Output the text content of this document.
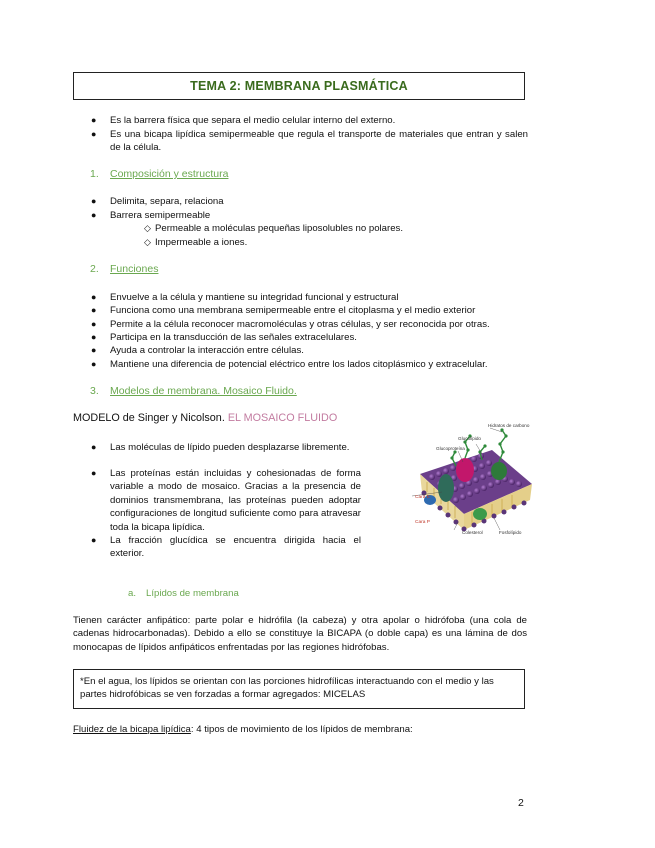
TEMA 2: MEMBRANA PLASMÁTICA
● Es la barrera física que separa el medio celular interno del externo.
● Es una bicapa lipídica semipermeable que regula el transporte de materiales que entran y salen de la célula.
1. Composición y estructura
● Delimita, separa, relaciona
● Barrera semipermeable
◇ Permeable a moléculas pequeñas liposolubles no polares.
◇ Impermeable a iones.
2. Funciones
● Envuelve a la célula y mantiene su integridad funcional y estructural
● Funciona como una membrana semipermeable entre el citoplasma y el medio exterior
● Permite a la célula reconocer macromoléculas y otras células, y ser reconocida por otras.
● Participa en la transducción de las señales extracelulares.
● Ayuda a controlar la interacción entre células.
● Mantiene una diferencia de potencial eléctrico entre los lados citoplásmico y extracelular.
3. Modelos de membrana. Mosaico Fluido.
MODELO de Singer y Nicolson. EL MOSAICO FLUIDO
● Las moléculas de lípido pueden desplazarse libremente.
● Las proteínas están incluidas y cohesionadas de forma variable a modo de mosaico. Gracias a la presencia de dominios transmembrana, las proteínas pueden adoptar configuraciones de longitud suficiente como para atravesar toda la bicapa lipídica.
● La fracción glucídica se encuentra dirigida hacia el exterior.
Hidratos de carbono
Glucoproteína
Glucolípido
Cara E
Cara P
Colesterol	Fosfolípido
a. Lípidos de membrana
Tienen carácter anfipático: parte polar e hidrófila (la cabeza) y otra apolar o hidrófoba (una cola de cadenas hidrocarbonadas). Debido a ello se constituye la BICAPA (o doble capa) es una lámina de dos monocapas de lípidos anfipáticos enfrentadas por las regiones hidrófobas.
*En el agua, los lípidos se orientan con las porciones hidrofílicas interactuando con el medio y las partes hidrofóbicas se ven forzadas a formar agregados: MICELAS
Fluidez de la bicapa lipídica: 4 tipos de movimiento de los lípidos de membrana:
2
